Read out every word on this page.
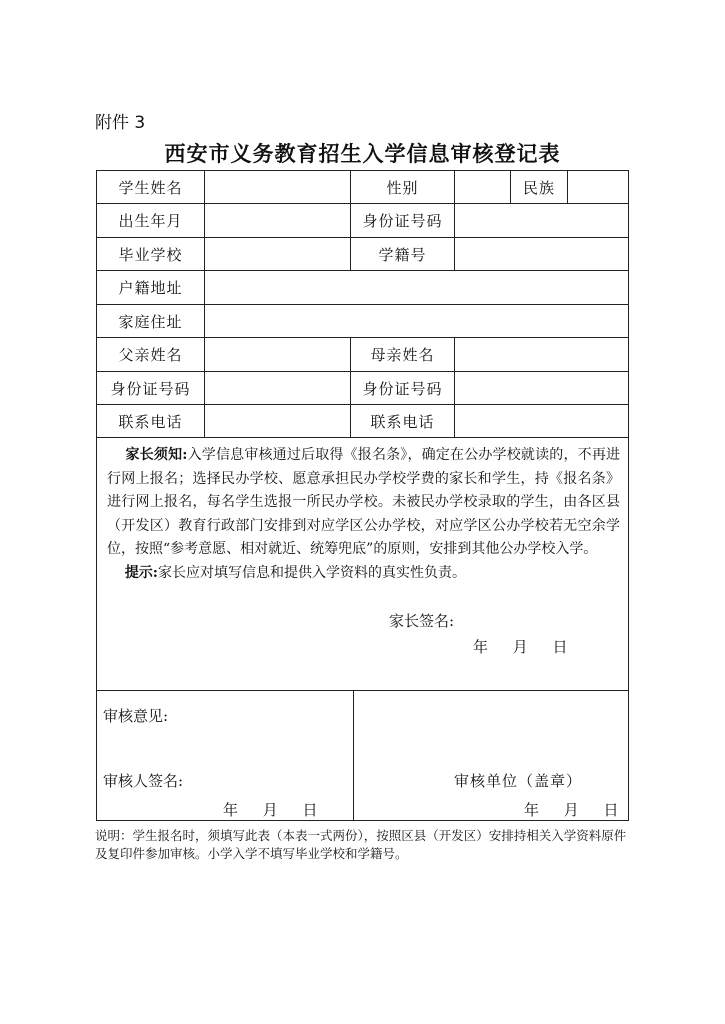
附件 3
西安市义务教育招生入学信息审核登记表
学生姓名	性别	民族
出生年月	身份证号码
毕业学校	学籍号
户籍地址
家庭住址
父亲姓名	母亲姓名
身份证号码	身份证号码
联系电话	联系电话

家长须知:入学信息审核通过后取得《报名条》，确定在公办学校就读的，不再进行网上报名；选择民办学校、愿意承担民办学校学费的家长和学生，持《报名条》进行网上报名，每名学生选报一所民办学校。未被民办学校录取的学生，由各区县（开发区）教育行政部门安排到对应学区公办学校，对应学区公办学校若无空余学位，按照“参考意愿、相对就近、统筹兜底”的原则，安排到其他公办学校入学。

提示:家长应对填写信息和提供入学资料的真实性负责。

家长签名:
年 月 日
审核意见:
审核人签名:
年 月 日
审核单位（盖章）
年 月 日
说明：学生报名时，须填写此表（本表一式两份），按照区县（开发区）安排持相关入学资料原件及复印件参加审核。小学入学不填写毕业学校和学籍号。
